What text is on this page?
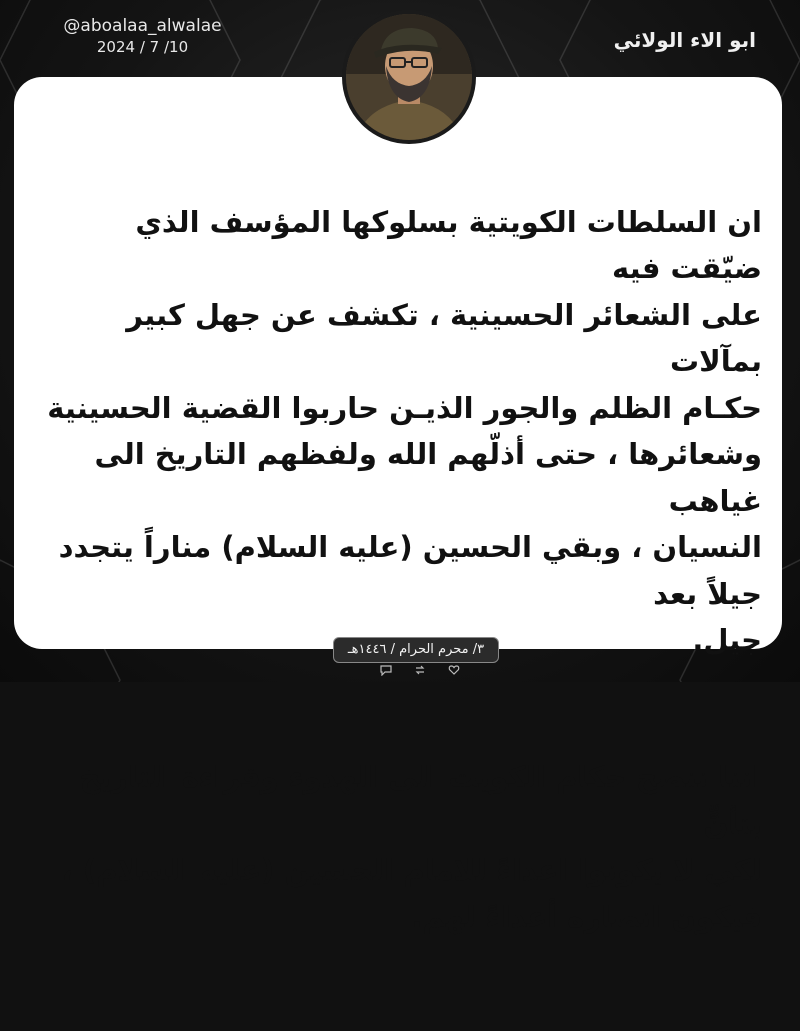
@aboalaa_alwalae
2024 / 7 /10	ابو الاء الولائي

ان السلطات الكويتية بسلوكها المؤسف الذي ضيّقت فيه
على الشعائر الحسينية ، تكشف عن جهل كبير بمآلات
حكـام الظلم والجور الذيـن حاربوا القضية الحسينية
وشعائرها ، حتى أذلّهم الله ولفظهم التاريخ الى غياهب
النسيان ، وبقي الحسين (عليه السلام) مناراً يتجدد جيلاً بعد
جيل.

اننا ننصح حكام الكويت الى الهدوء وقراءة التاريخ بتأنٍّ
لكي لا يكونوا اعداءً للامام الحسين (عليه السلام) ،
فيكون انصاره أعداءً لهم.

٣/ محرم الحرام / ١٤٤٦هـ
